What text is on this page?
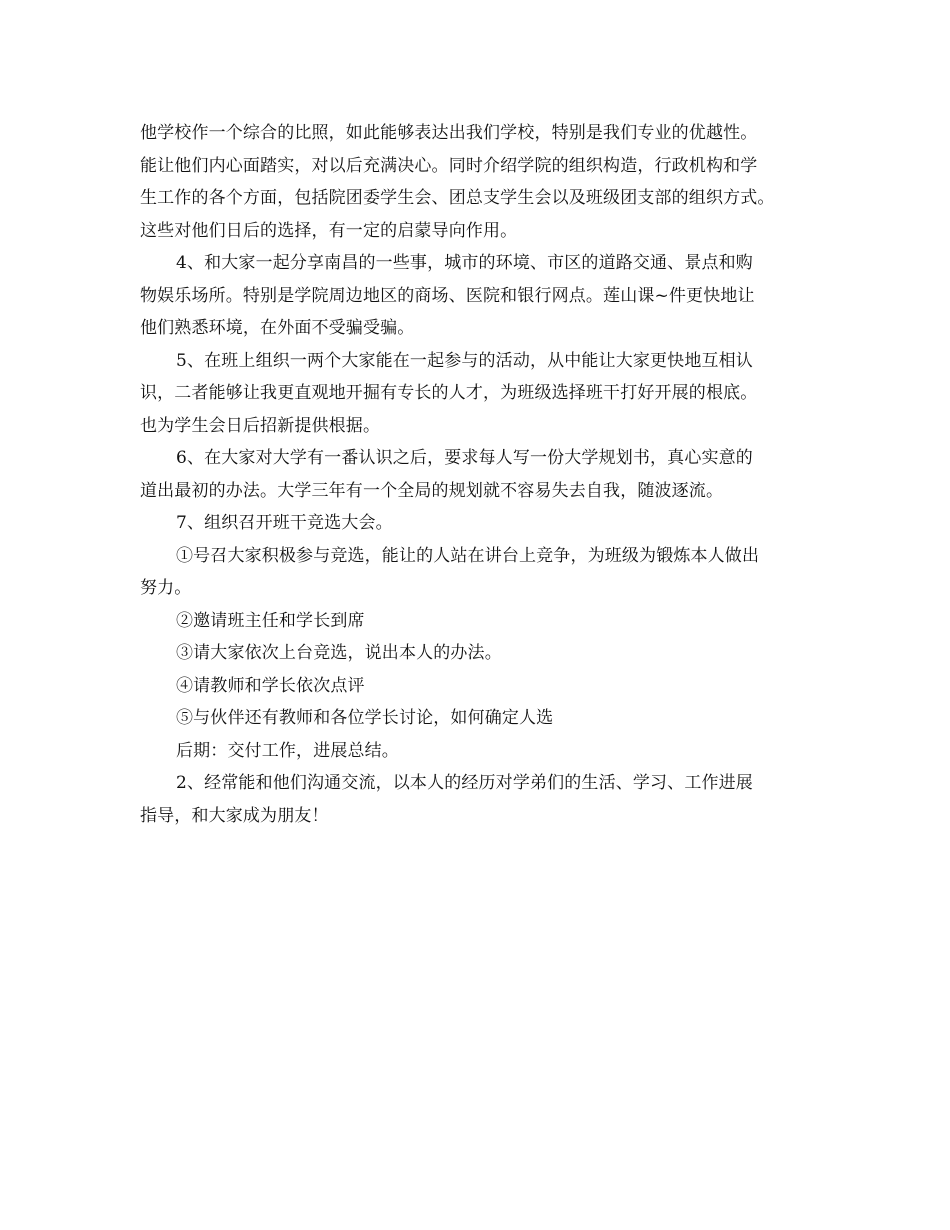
他学校作一个综合的比照，如此能够表达出我们学校，特别是我们专业的优越性。
能让他们内心面踏实，对以后充满决心。同时介绍学院的组织构造，行政机构和学
生工作的各个方面，包括院团委学生会、团总支学生会以及班级团支部的组织方式。
这些对他们日后的选择，有一定的启蒙导向作用。
4、和大家一起分享南昌的一些事，城市的环境、市区的道路交通、景点和购
物娱乐场所。特别是学院周边地区的商场、医院和银行网点。莲山课~件更快地让
他们熟悉环境，在外面不受骗受骗。
5、在班上组织一两个大家能在一起参与的活动，从中能让大家更快地互相认
识，二者能够让我更直观地开掘有专长的人才，为班级选择班干打好开展的根底。
也为学生会日后招新提供根据。
6、在大家对大学有一番认识之后，要求每人写一份大学规划书，真心实意的
道出最初的办法。大学三年有一个全局的规划就不容易失去自我，随波逐流。
7、组织召开班干竞选大会。
①号召大家积极参与竞选，能让的人站在讲台上竞争，为班级为锻炼本人做出
努力。
②邀请班主任和学长到席
③请大家依次上台竞选，说出本人的办法。
④请教师和学长依次点评
⑤与伙伴还有教师和各位学长讨论，如何确定人选
后期：交付工作，进展总结。
2、经常能和他们沟通交流，以本人的经历对学弟们的生活、学习、工作进展
指导，和大家成为朋友！
